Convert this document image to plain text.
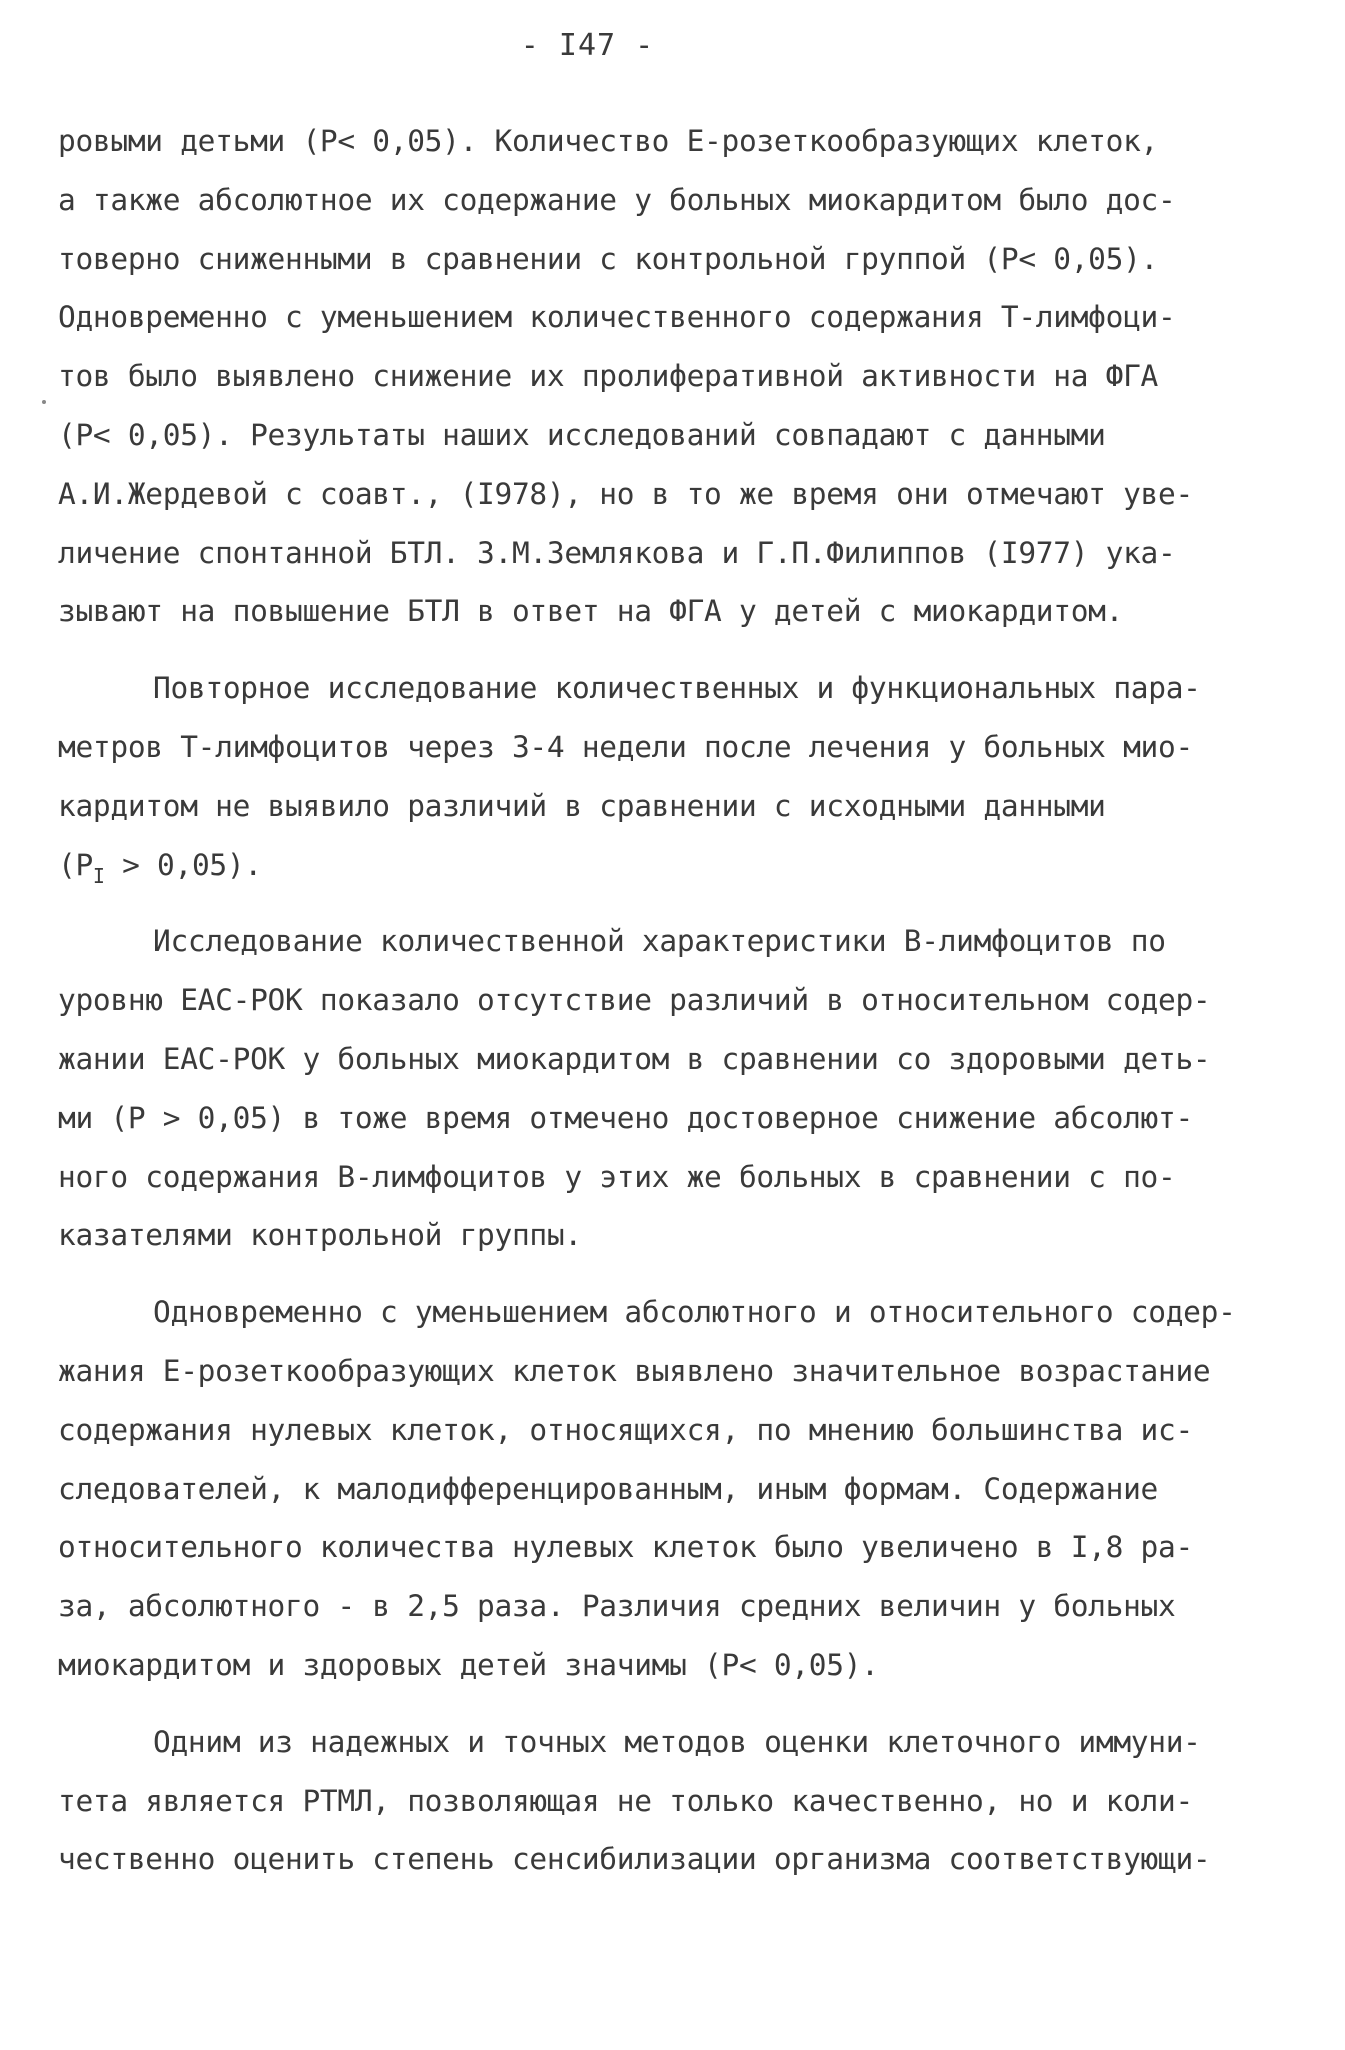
- I47 -
ровыми детьми (Р< 0,05). Количество Е-розеткообразующих клеток,
а также абсолютное их содержание у больных миокардитом было дос-
товерно сниженными в сравнении с контрольной группой (Р< 0,05).
Одновременно с уменьшением количественного содержания Т-лимфоци-
тов было выявлено снижение их пролиферативной активности на ФГА
(Р< 0,05). Результаты наших исследований совпадают с данными
А.И.Жердевой с соавт., (I978), но в то же время они отмечают уве-
личение спонтанной БТЛ. З.М.Землякова и Г.П.Филиппов (I977) ука-
зывают на повышение БТЛ в ответ на ФГА у детей с миокардитом.
Повторное исследование количественных и функциональных пара-
метров Т-лимфоцитов через 3-4 недели после лечения у больных мио-
кардитом не выявило различий в сравнении с исходными данными
$(Р_I > 0,05)$.
Исследование количественной характеристики В-лимфоцитов по
уровню ЕАС-РОК показало отсутствие различий в относительном содер-
жании ЕАС-РОК у больных миокардитом в сравнении со здоровыми деть-
ми (Р > 0,05) в тоже время отмечено достоверное снижение абсолют-
ного содержания В-лимфоцитов у этих же больных в сравнении с по-
казателями контрольной группы.
Одновременно с уменьшением абсолютного и относительного содер-
жания Е-розеткообразующих клеток выявлено значительное возрастание
содержания нулевых клеток, относящихся, по мнению большинства ис-
следователей, к малодифференцированным, иным формам. Содержание
относительного количества нулевых клеток было увеличено в I,8 ра-
за, абсолютного - в 2,5 раза. Различия средних величин у больных
миокардитом и здоровых детей значимы (Р< 0,05).
Одним из надежных и точных методов оценки клеточного иммуни-
тета является РТМЛ, позволяющая не только качественно, но и коли-
чественно оценить степень сенсибилизации организма соответствующи-
